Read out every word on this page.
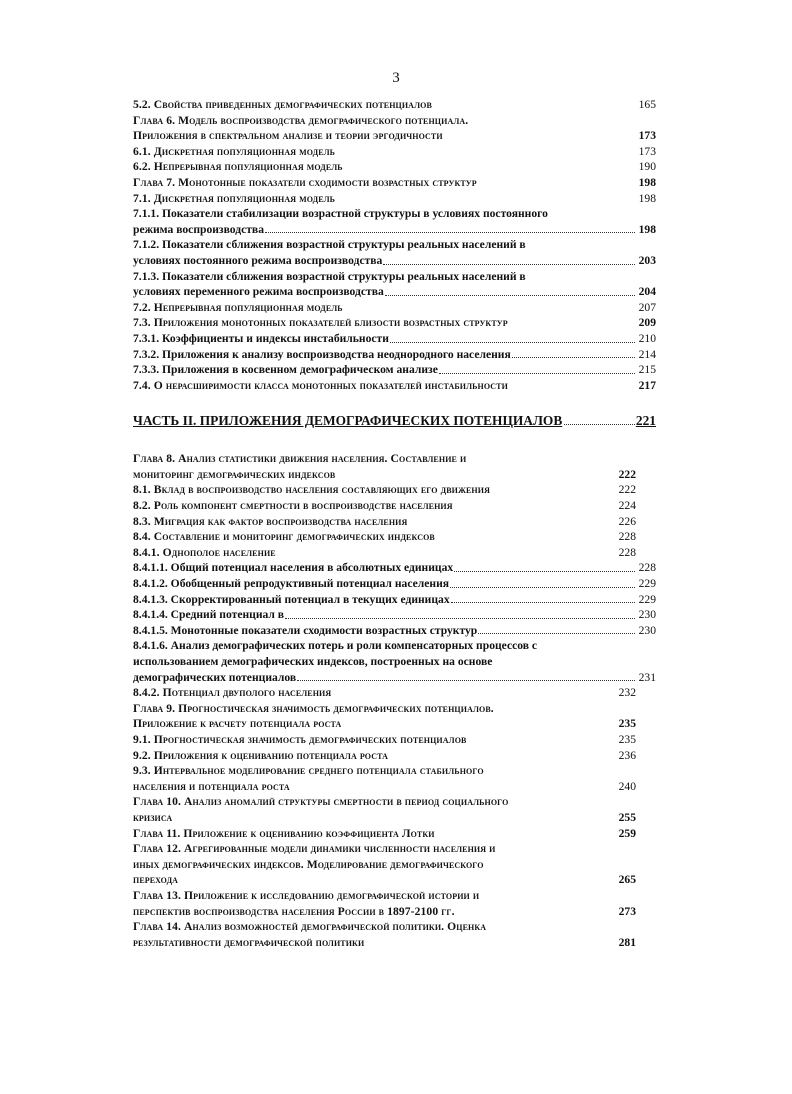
3
5.2. Свойства приведенных демографических потенциалов	165
Глава 6. Модель воспроизводства демографического потенциала.
Приложения в спектральном анализе и теории эргодичности	173
6.1. Дискретная популяционная модель	173
6.2. Непрерывная популяционная модель	190
Глава 7. Монотонные показатели сходимости возрастных структур	198
7.1. Дискретная популяционная модель	198
7.1.1. Показатели стабилизации возрастной структуры в условиях постоянного
режима воспроизводства	198
7.1.2. Показатели сближения возрастной структуры реальных населений в
условиях постоянного режима воспроизводства	203
7.1.3. Показатели сближения возрастной структуры реальных населений в
условиях переменного режима воспроизводства	204
7.2. Непрерывная популяционная модель	207
7.3. Приложения монотонных показателей близости возрастных структур	209
7.3.1. Коэффициенты и индексы инстабильности	210
7.3.2. Приложения к анализу воспроизводства неоднородного населения	214
7.3.3. Приложения в косвенном демографическом анализе	215
7.4. О нерасширимости класса монотонных показателей инстабильности	217
ЧАСТЬ II. ПРИЛОЖЕНИЯ ДЕМОГРАФИЧЕСКИХ ПОТЕНЦИАЛОВ	221
Глава 8. Анализ статистики движения населения. Составление и
мониторинг демографических индексов	222
8.1. Вклад в воспроизводство населения составляющих его движения	222
8.2. Роль компонент смертности в воспроизводстве населения	224
8.3. Миграция как фактор воспроизводства населения	226
8.4. Составление и мониторинг демографических индексов	228
8.4.1. Однополое население	228
8.4.1.1. Общий потенциал населения в абсолютных единицах	228
8.4.1.2. Обобщенный репродуктивный потенциал населения	229
8.4.1.3. Скорректированный потенциал в текущих единицах	229
8.4.1.4. Средний потенциал в	230
8.4.1.5. Монотонные показатели сходимости возрастных структур	230
8.4.1.6. Анализ демографических потерь и роли компенсаторных процессов с
использованием демографических индексов, построенных на основе
демографических потенциалов	231
8.4.2. Потенциал двуполого населения	232
Глава 9. Прогностическая значимость демографических потенциалов.
Приложение к расчету потенциала роста	235
9.1. Прогностическая значимость демографических потенциалов	235
9.2. Приложения к оцениванию потенциала роста	236
9.3. Интервальное моделирование среднего потенциала стабильного
населения и потенциала роста	240
Глава 10. Анализ аномалий структуры смертности в период социального
кризиса	255
Глава 11. Приложение к оцениванию коэффициента Лотки	259
Глава 12. Агрегированные модели динамики численности населения и
иных демографических индексов. Моделирование демографического
перехода	265
Глава 13. Приложение к исследованию демографической истории и
перспектив воспроизводства населения России в 1897-2100 гг.	273
Глава 14. Анализ возможностей демографической политики. Оценка
результативности демографической политики	281
